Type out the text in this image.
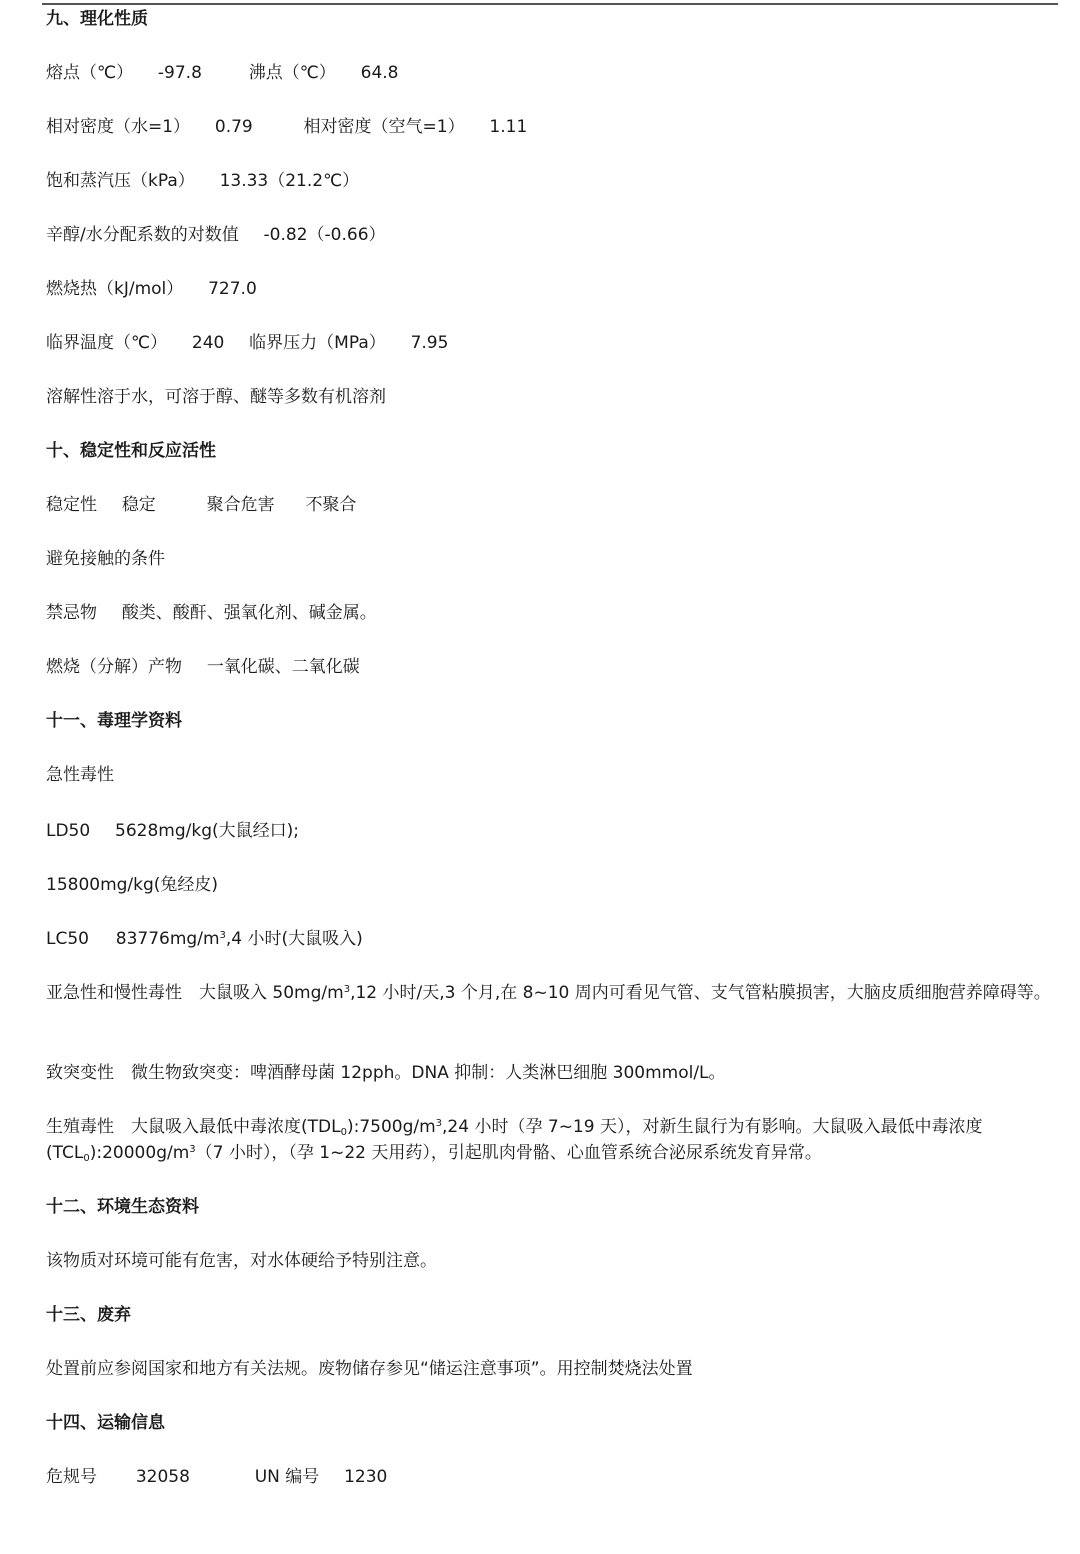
九、理化性质
熔点（℃） -97.8	沸点（℃） 64.8
相对密度（水=1） 0.79	相对密度（空气=1） 1.11
饱和蒸汽压（kPa） 13.33（21.2℃）
辛醇/水分配系数的对数值 -0.82（-0.66）
燃烧热（kJ/mol） 727.0
临界温度（℃） 240 临界压力（MPa） 7.95
溶解性溶于水，可溶于醇、醚等多数有机溶剂
十、稳定性和反应活性
稳定性 稳定	聚合危害 不聚合
避免接触的条件
禁忌物 酸类、酸酐、强氧化剂、碱金属。
燃烧（分解）产物 一氧化碳、二氧化碳
十一、毒理学资料
急性毒性
LD50 5628mg/kg(大鼠经口);
15800mg/kg(兔经皮)
LC50 $83776mg/m^3,4$ 小时(大鼠吸入)
亚急性和慢性毒性　大鼠吸入 $50mg/m^3,12$ 小时/天,3 个月,在 8~10 周内可看见气管、支气管粘膜损害，大脑皮质细胞营养障碍等。
致突变性　微生物致突变：啤酒酵母菌 12pph。DNA 抑制：人类淋巴细胞 300mmol/L。
生殖毒性　大鼠吸入最低中毒浓度$(TDL_0):7500g/m^3,24$ 小时（孕 7~19 天），对新生鼠行为有影响。大鼠吸入最低中毒浓度$(TCL_0):20000g/m^3(7$ 小时），（孕 1~22 天用药），引起肌肉骨骼、心血管系统合泌尿系统发育异常。
十二、环境生态资料
该物质对环境可能有危害，对水体硬给予特别注意。
十三、废弃
处置前应参阅国家和地方有关法规。废物储存参见“储运注意事项”。用控制焚烧法处置
十四、运输信息
危规号 32058	UN 编号 1230
